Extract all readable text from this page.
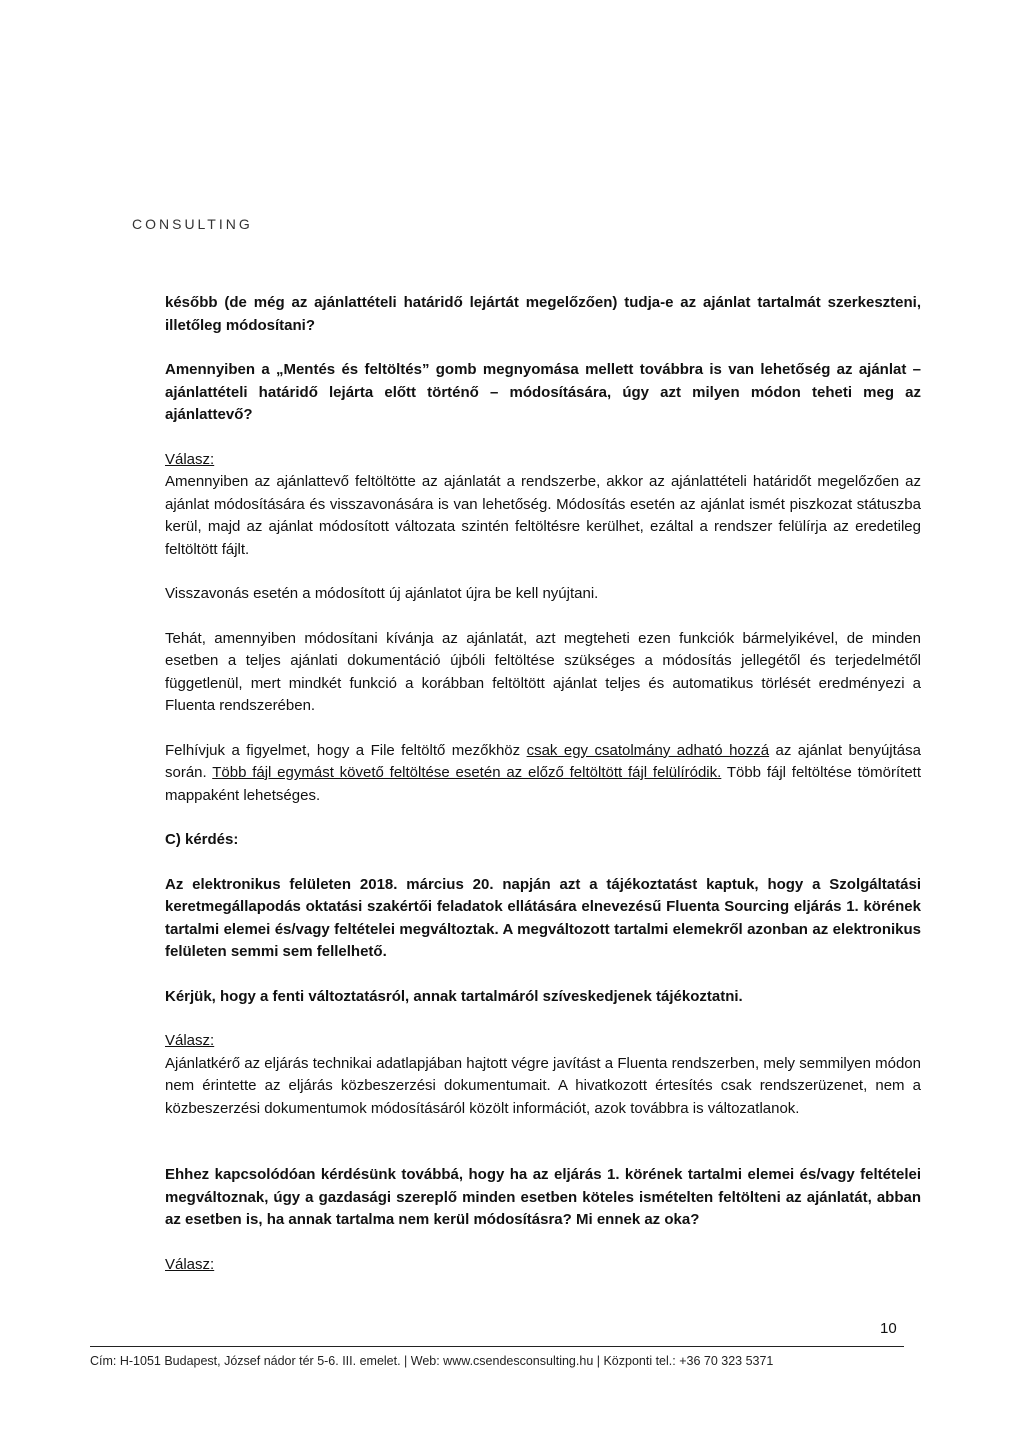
CONSULTING

később (de még az ajánlattételi határidő lejártát megelőzően) tudja-e az ajánlat tartalmát szerkeszteni, illetőleg módosítani?

Amennyiben a „Mentés és feltöltés” gomb megnyomása mellett továbbra is van lehetőség az ajánlat – ajánlattételi határidő lejárta előtt történő – módosítására, úgy azt milyen módon teheti meg az ajánlattevő?

Válasz:
Amennyiben az ajánlattevő feltöltötte az ajánlatát a rendszerbe, akkor az ajánlattételi határidőt megelőzően az ajánlat módosítására és visszavonására is van lehetőség. Módosítás esetén az ajánlat ismét piszkozat státuszba kerül, majd az ajánlat módosított változata szintén feltöltésre kerülhet, ezáltal a rendszer felülírja az eredetileg feltöltött fájlt.

Visszavonás esetén a módosított új ajánlatot újra be kell nyújtani.

Tehát, amennyiben módosítani kívánja az ajánlatát, azt megteheti ezen funkciók bármelyikével, de minden esetben a teljes ajánlati dokumentáció újbóli feltöltése szükséges a módosítás jellegétől és terjedelmétől függetlenül, mert mindkét funkció a korábban feltöltött ajánlat teljes és automatikus törlését eredményezi a Fluenta rendszerében.

Felhívjuk a figyelmet, hogy a File feltöltő mezőkhöz csak egy csatolmány adható hozzá az ajánlat benyújtása során. Több fájl egymást követő feltöltése esetén az előző feltöltött fájl felülíródik. Több fájl feltöltése tömörített mappaként lehetséges.

C) kérdés:

Az elektronikus felületen 2018. március 20. napján azt a tájékoztatást kaptuk, hogy a Szolgáltatási keretmegállapodás oktatási szakértői feladatok ellátására elnevezésű Fluenta Sourcing eljárás 1. körének tartalmi elemei és/vagy feltételei megváltoztak. A megváltozott tartalmi elemekről azonban az elektronikus felületen semmi sem fellelhető.

Kérjük, hogy a fenti változtatásról, annak tartalmáról szíveskedjenek tájékoztatni.

Válasz:
Ajánlatkérő az eljárás technikai adatlapjában hajtott végre javítást a Fluenta rendszerben, mely semmilyen módon nem érintette az eljárás közbeszerzési dokumentumait. A hivatkozott értesítés csak rendszerüzenet, nem a közbeszerzési dokumentumok módosításáról közölt információt, azok továbbra is változatlanok.

Ehhez kapcsolódóan kérdésünk továbbá, hogy ha az eljárás 1. körének tartalmi elemei és/vagy feltételei megváltoznak, úgy a gazdasági szereplő minden esetben köteles ismételten feltölteni az ajánlatát, abban az esetben is, ha annak tartalma nem kerül módosításra? Mi ennek az oka?

Válasz:

10
Cím: H-1051 Budapest, József nádor tér 5-6. III. emelet. | Web: www.csendesconsulting.hu | Központi tel.: +36 70 323 5371
